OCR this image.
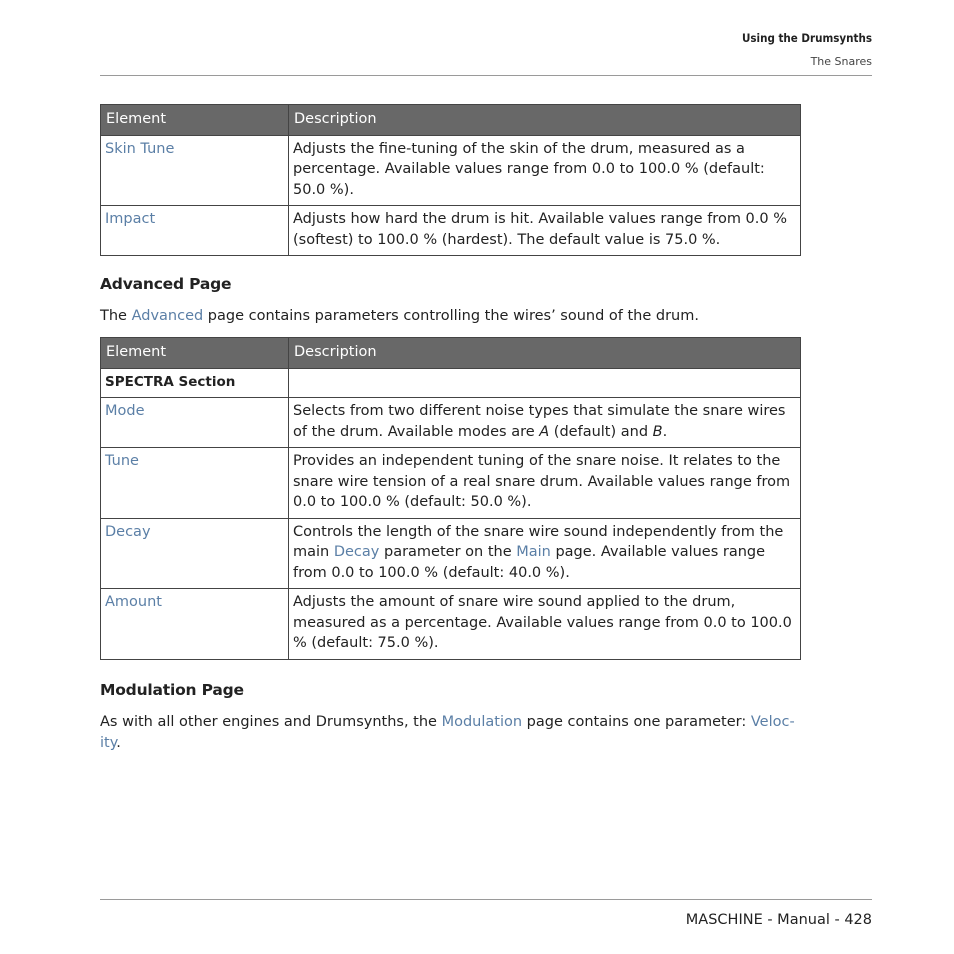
Using the Drumsynths
The Snares
Element	Description
Skin Tune	Adjusts the fine-tuning of the skin of the drum, measured as a percentage. Available values range from 0.0 to 100.0 % (default: 50.0 %).
Impact	Adjusts how hard the drum is hit. Available values range from 0.0 % (softest) to 100.0 % (hardest). The default value is 75.0 %.
Advanced Page

The Advanced page contains parameters controlling the wires’ sound of the drum.

Element	Description
SPECTRA Section	
Mode	Selects from two different noise types that simulate the snare wires of the drum. Available modes are A (default) and B.
Tune	Provides an independent tuning of the snare noise. It relates to the snare wire tension of a real snare drum. Available values range from 0.0 to 100.0 % (default: 50.0 %).
Decay	Controls the length of the snare wire sound independently from the main Decay parameter on the Main page. Available values range from 0.0 to 100.0 % (default: 40.0 %).
Amount	Adjusts the amount of snare wire sound applied to the drum, measured as a percentage. Available values range from 0.0 to 100.0 % (default: 75.0 %).
Modulation Page

As with all other engines and Drumsynths, the Modulation page contains one parameter: Veloc-
ity.

MASCHINE - Manual - 428
